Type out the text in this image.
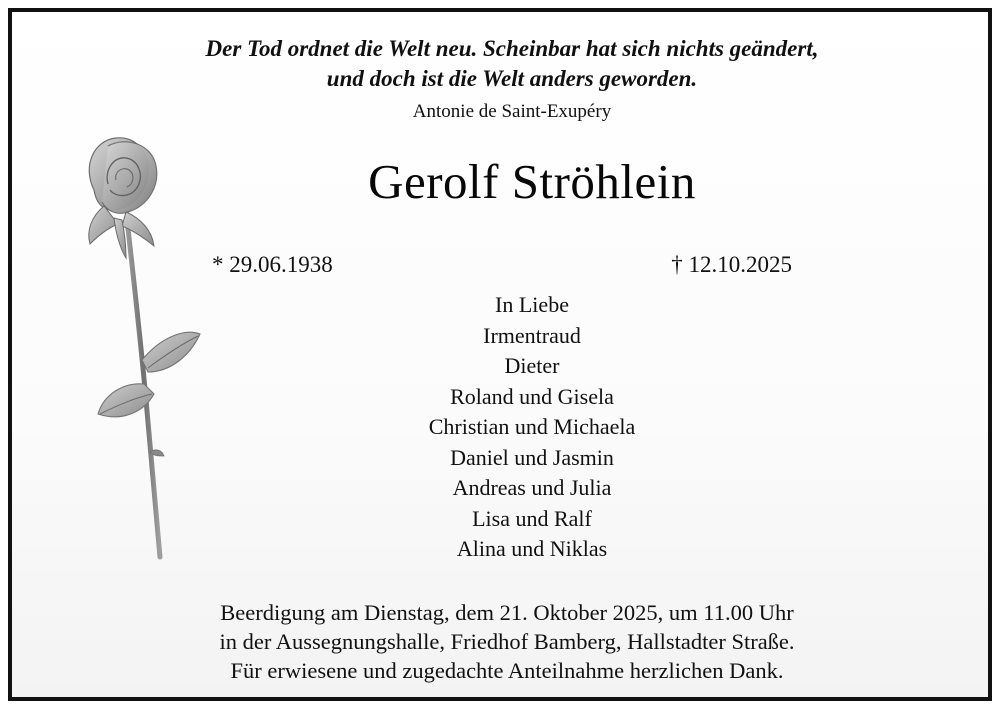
Der Tod ordnet die Welt neu. Scheinbar hat sich nichts geändert,
und doch ist die Welt anders geworden.
Antonie de Saint-Exupéry
Gerolf Ströhlein
* 29.06.1938	† 12.10.2025
In Liebe
Irmentraud
Dieter
Roland und Gisela
Christian und Michaela
Daniel und Jasmin
Andreas und Julia
Lisa und Ralf
Alina und Niklas
Beerdigung am Dienstag, dem 21. Oktober 2025, um 11.00 Uhr
in der Aussegnungshalle, Friedhof Bamberg, Hallstadter Straße.
Für erwiesene und zugedachte Anteilnahme herzlichen Dank.
